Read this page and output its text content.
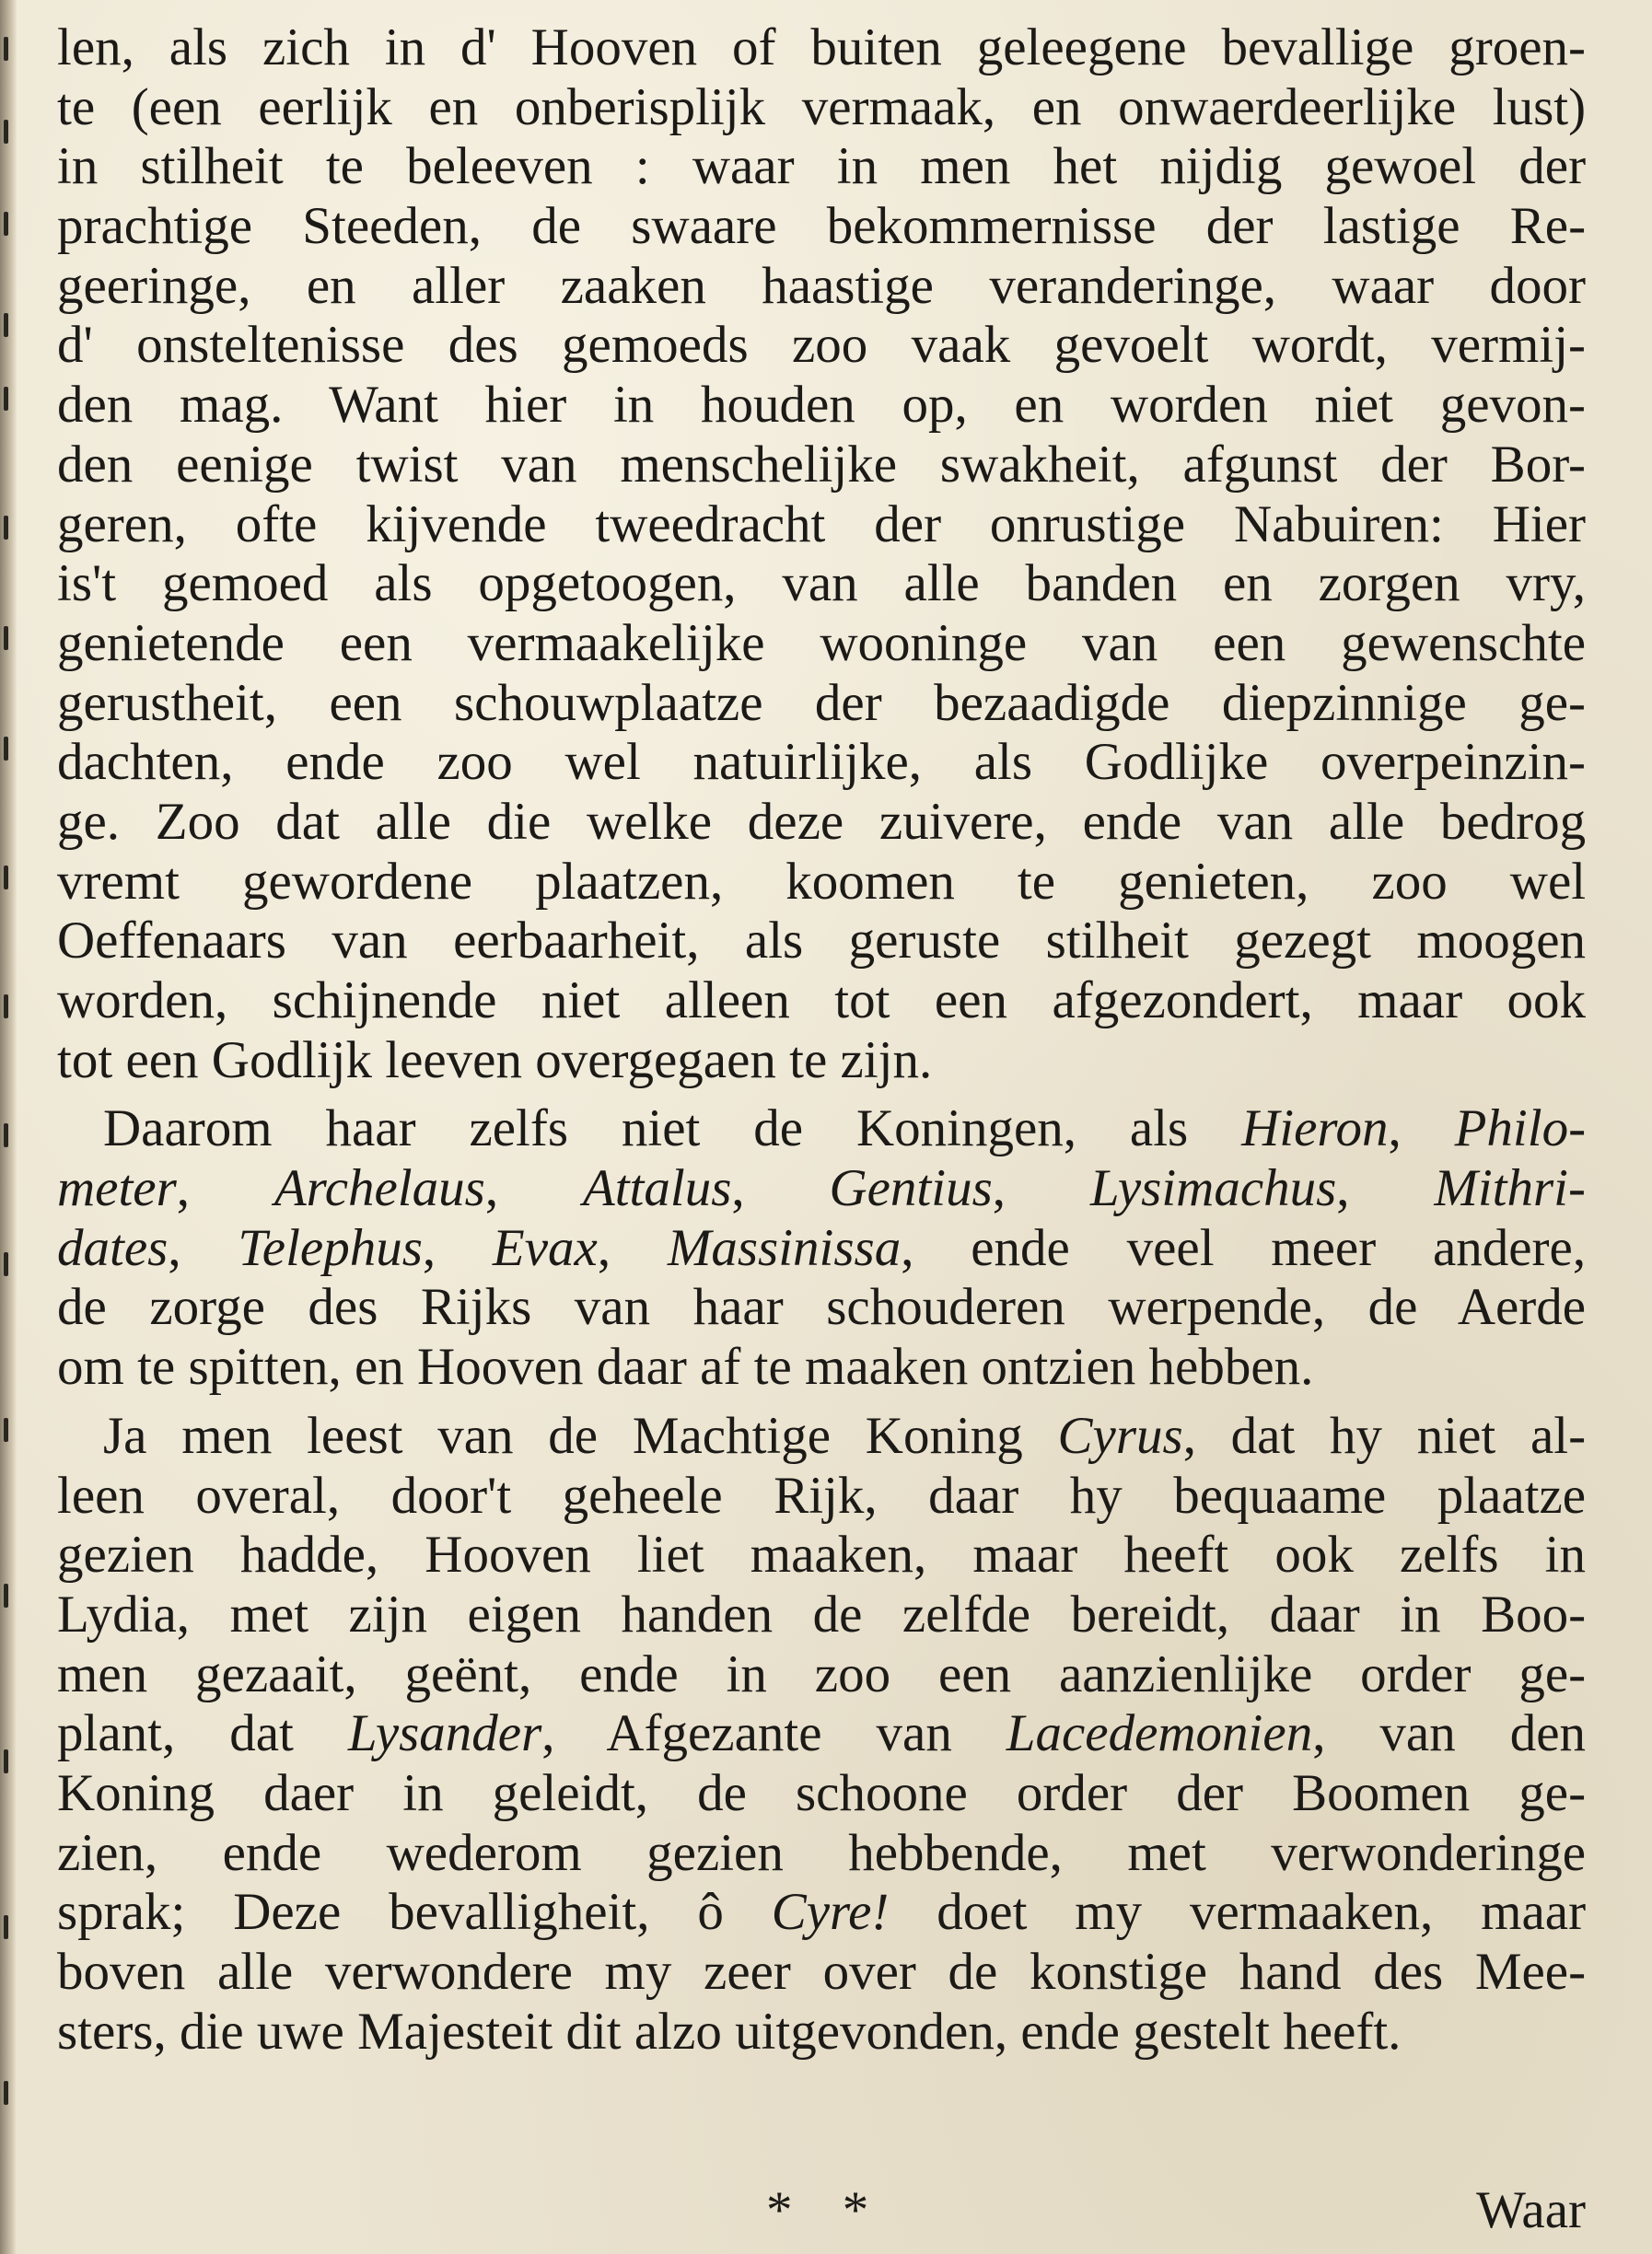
len, als zich in d' Hooven of buiten geleegene bevallige groen-
te (een eerlijk en onberisplijk vermaak, en onwaerdeerlijke lust)
in stilheit te beleeven : waar in men het nijdig gewoel der
prachtige Steeden, de swaare bekommernisse der lastige Re-
geeringe, en aller zaaken haastige veranderinge, waar door
d' onsteltenisse des gemoeds zoo vaak gevoelt wordt, vermij-
den mag. Want hier in houden op, en worden niet gevon-
den eenige twist van menschelijke swakheit, afgunst der Bor-
geren, ofte kijvende tweedracht der onrustige Nabuiren: Hier
is't gemoed als opgetoogen, van alle banden en zorgen vry,
genietende een vermaakelijke wooninge van een gewenschte
gerustheit, een schouwplaatze der bezaadigde diepzinnige ge-
dachten, ende zoo wel natuirlijke, als Godlijke overpeinzin-
ge. Zoo dat alle die welke deze zuivere, ende van alle bedrog
vremt gewordene plaatzen, koomen te genieten, zoo wel
Oeffenaars van eerbaarheit, als geruste stilheit gezegt moogen
worden, schijnende niet alleen tot een afgezondert, maar ook
tot een Godlijk leeven overgegaen te zijn.
Daarom haar zelfs niet de Koningen, als Hieron, Philo-
meter, Archelaus, Attalus, Gentius, Lysimachus, Mithri-
dates, Telephus, Evax, Massinissa, ende veel meer andere,
de zorge des Rijks van haar schouderen werpende, de Aerde
om te spitten, en Hooven daar af te maaken ontzien hebben.
Ja men leest van de Machtige Koning Cyrus, dat hy niet al-
leen overal, door't geheele Rijk, daar hy bequaame plaatze
gezien hadde, Hooven liet maaken, maar heeft ook zelfs in
Lydia, met zijn eigen handen de zelfde bereidt, daar in Boo-
men gezaait, geënt, ende in zoo een aanzienlijke order ge-
plant, dat Lysander, Afgezante van Lacedemonien, van den
Koning daer in geleidt, de schoone order der Boomen ge-
zien, ende wederom gezien hebbende, met verwonderinge
sprak; Deze bevalligheit, ô Cyre! doet my vermaaken, maar
boven alle verwondere my zeer over de konstige hand des Mee-
sters, die uwe Majesteit dit alzo uitgevonden, ende gestelt heeft.
* *	Waar
